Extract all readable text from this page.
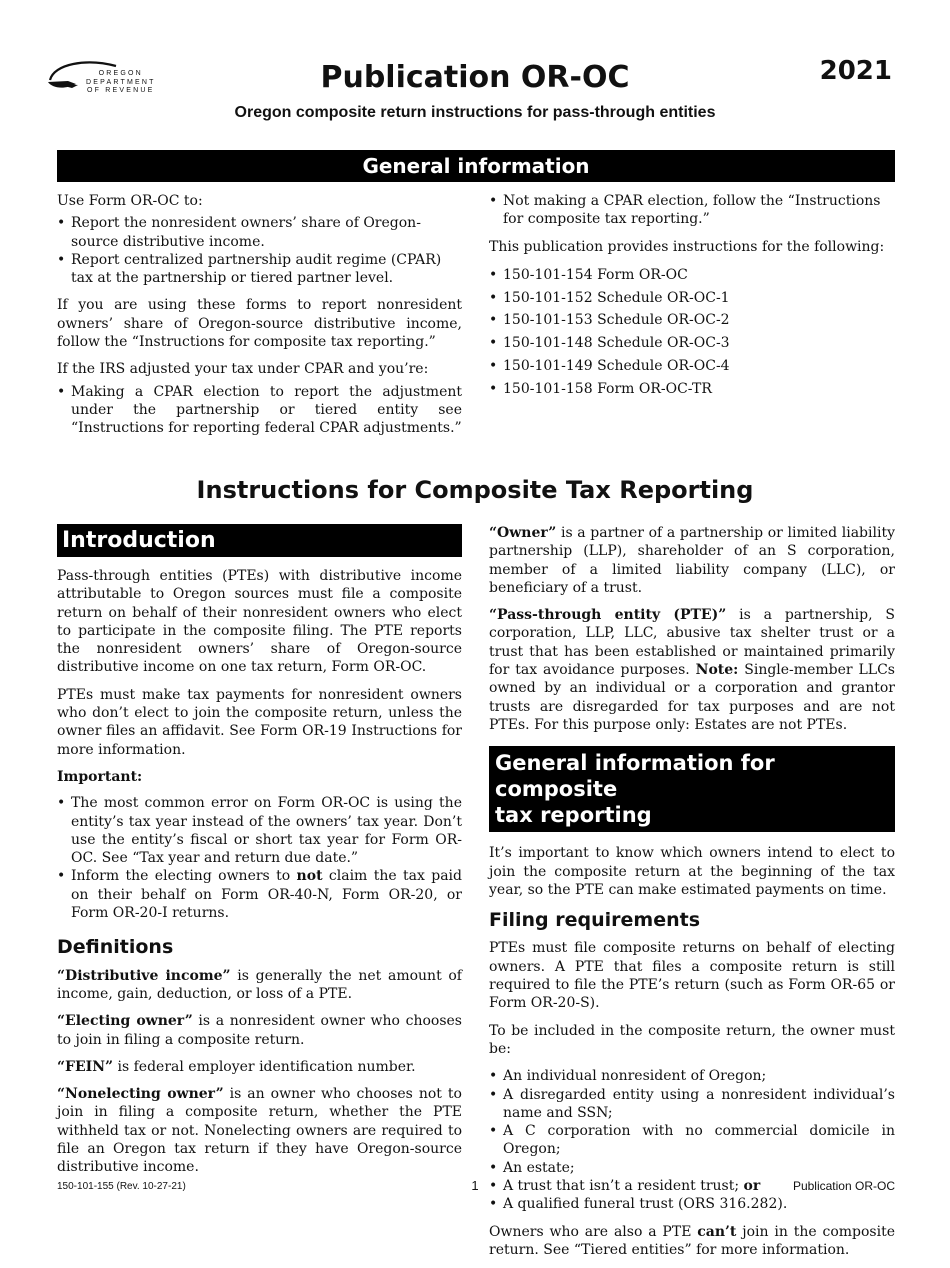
OREGON
DEPARTMENT
OF REVENUE	Publication OR-OC	2021
Oregon composite return instructions for pass-through entities
General information

Use Form OR-OC to:

• Report the nonresident owners’ share of Oregon-source distributive income.
• Report centralized partnership audit regime (CPAR) tax at the partnership or tiered partner level.

If you are using these forms to report nonresident owners’ share of Oregon-source distributive income, follow the “Instructions for composite tax reporting.”

If the IRS adjusted your tax under CPAR and you’re:

• Making a CPAR election to report the adjustment under the partnership or tiered entity see “Instructions for reporting federal CPAR adjustments.”
• Not making a CPAR election, follow the “Instructions for composite tax reporting.”

This publication provides instructions for the following:

• 150-101-154 Form OR-OC
• 150-101-152 Schedule OR-OC-1
• 150-101-153 Schedule OR-OC-2
• 150-101-148 Schedule OR-OC-3
• 150-101-149 Schedule OR-OC-4
• 150-101-158 Form OR-OC-TR
Instructions for Composite Tax Reporting
Introduction

Pass-through entities (PTEs) with distributive income attributable to Oregon sources must file a composite return on behalf of their nonresident owners who elect to participate in the composite filing. The PTE reports the nonresident owners’ share of Oregon-source distributive income on one tax return, Form OR-OC.

PTEs must make tax payments for nonresident owners who don’t elect to join the composite return, unless the owner files an affidavit. See Form OR-19 Instructions for more information.

Important:

• The most common error on Form OR-OC is using the entity’s tax year instead of the owners’ tax year. Don’t use the entity’s fiscal or short tax year for Form OR-OC. See “Tax year and return due date.”
• Inform the electing owners to not claim the tax paid on their behalf on Form OR-40-N, Form OR-20, or Form OR-20-I returns.
Definitions

“Distributive income” is generally the net amount of income, gain, deduction, or loss of a PTE.

“Electing owner” is a nonresident owner who chooses to join in filing a composite return.

“FEIN” is federal employer identification number.

“Nonelecting owner” is an owner who chooses not to join in filing a composite return, whether the PTE withheld tax or not. Nonelecting owners are required to file an Oregon tax return if they have Oregon-source distributive income.

“Owner” is a partner of a partnership or limited liability partnership (LLP), shareholder of an S corporation, member of a limited liability company (LLC), or beneficiary of a trust.

“Pass-through entity (PTE)” is a partnership, S corporation, LLP, LLC, abusive tax shelter trust or a trust that has been established or maintained primarily for tax avoidance purposes. Note: Single-member LLCs owned by an individual or a corporation and grantor trusts are disregarded for tax purposes and are not PTEs. For this purpose only: Estates are not PTEs.

General information for composite
tax reporting

It’s important to know which owners intend to elect to join the composite return at the beginning of the tax year, so the PTE can make estimated payments on time.

Filing requirements

PTEs must file composite returns on behalf of electing owners. A PTE that files a composite return is still required to file the PTE’s return (such as Form OR-65 or Form OR-20-S).

To be included in the composite return, the owner must be:

• An individual nonresident of Oregon;
• A disregarded entity using a nonresident individual’s name and SSN;
• A C corporation with no commercial domicile in Oregon;
• An estate;
• A trust that isn’t a resident trust; or
• A qualified funeral trust (ORS 316.282).

Owners who are also a PTE can’t join in the composite return. See “Tiered entities” for more information.

150-101-155 (Rev. 10-27-21)	1	Publication OR-OC
